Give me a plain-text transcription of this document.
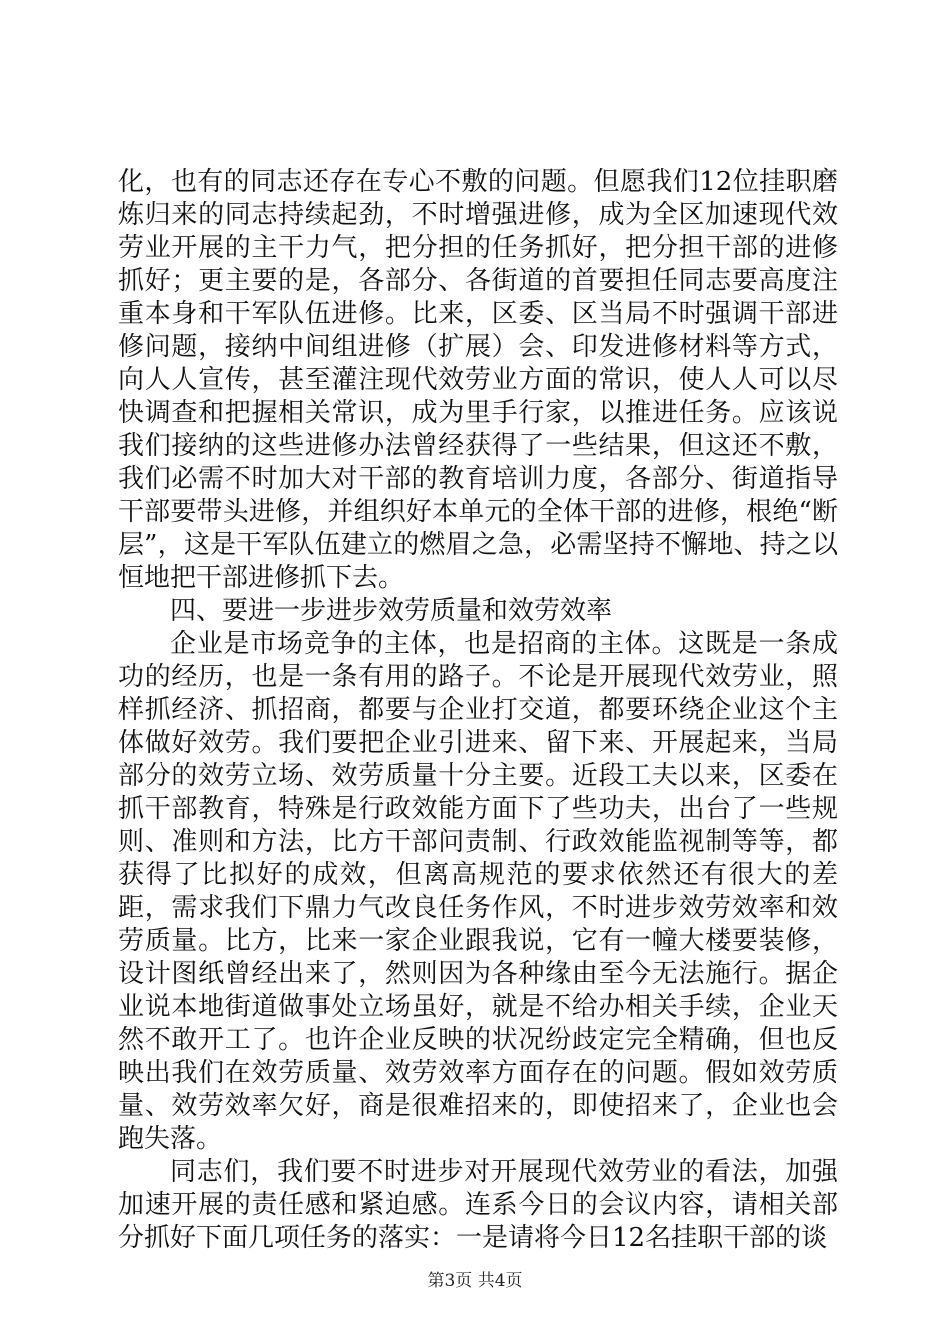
化，也有的同志还存在专心不敷的问题。但愿我们12位挂职磨炼归来的同志持续起劲，不时增强进修，成为全区加速现代效劳业开展的主干力气，把分担的任务抓好，把分担干部的进修抓好；更主要的是，各部分、各街道的首要担任同志要高度注重本身和干军队伍进修。比来，区委、区当局不时强调干部进修问题，接纳中间组进修（扩展）会、印发进修材料等方式，向人人宣传，甚至灌注现代效劳业方面的常识，使人人可以尽快调查和把握相关常识，成为里手行家，以推进任务。应该说我们接纳的这些进修办法曾经获得了一些结果，但这还不敷，我们必需不时加大对干部的教育培训力度，各部分、街道指导干部要带头进修，并组织好本单元的全体干部的进修，根绝“断层”，这是干军队伍建立的燃眉之急，必需坚持不懈地、持之以恒地把干部进修抓下去。

四、要进一步进步效劳质量和效劳效率

企业是市场竞争的主体，也是招商的主体。这既是一条成功的经历，也是一条有用的路子。不论是开展现代效劳业，照样抓经济、抓招商，都要与企业打交道，都要环绕企业这个主体做好效劳。我们要把企业引进来、留下来、开展起来，当局部分的效劳立场、效劳质量十分主要。近段工夫以来，区委在抓干部教育，特殊是行政效能方面下了些功夫，出台了一些规则、准则和方法，比方干部问责制、行政效能监视制等等，都获得了比拟好的成效，但离高规范的要求依然还有很大的差距，需求我们下鼎力气改良任务作风，不时进步效劳效率和效劳质量。比方，比来一家企业跟我说，它有一幢大楼要装修，设计图纸曾经出来了，然则因为各种缘由至今无法施行。据企业说本地街道做事处立场虽好，就是不给办相关手续，企业天然不敢开工了。也许企业反映的状况纷歧定完全精确，但也反映出我们在效劳质量、效劳效率方面存在的问题。假如效劳质量、效劳效率欠好，商是很难招来的，即使招来了，企业也会跑失落。

同志们，我们要不时进步对开展现代效劳业的看法，加强加速开展的责任感和紧迫感。连系今日的会议内容，请相关部分抓好下面几项任务的落实：一是请将今日12名挂职干部的谈

第3页 共4页
